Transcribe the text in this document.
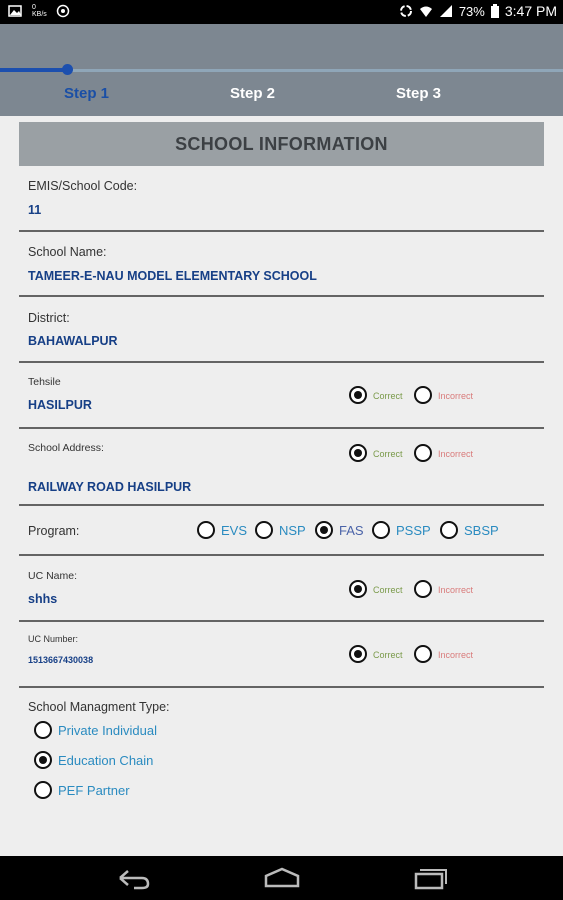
0
KB/s	73% 3:47 PM
Step 1	Step 2	Step 3
SCHOOL INFORMATION
EMIS/School Code:
11
School Name:
TAMEER-E-NAU MODEL ELEMENTARY SCHOOL
District:
BAHAWALPUR
Tehsile
HASILPUR
Correct	Incorrect
School Address:	Correct	Incorrect
RAILWAY ROAD HASILPUR
Program:	EVS NSP	FAS PSSP	SBSP
UC Name:
shhs
Correct	Incorrect
UC Number:
1513667430038	Correct	Incorrect
School Managment Type:
Private Individual
Education Chain
PEF Partner
